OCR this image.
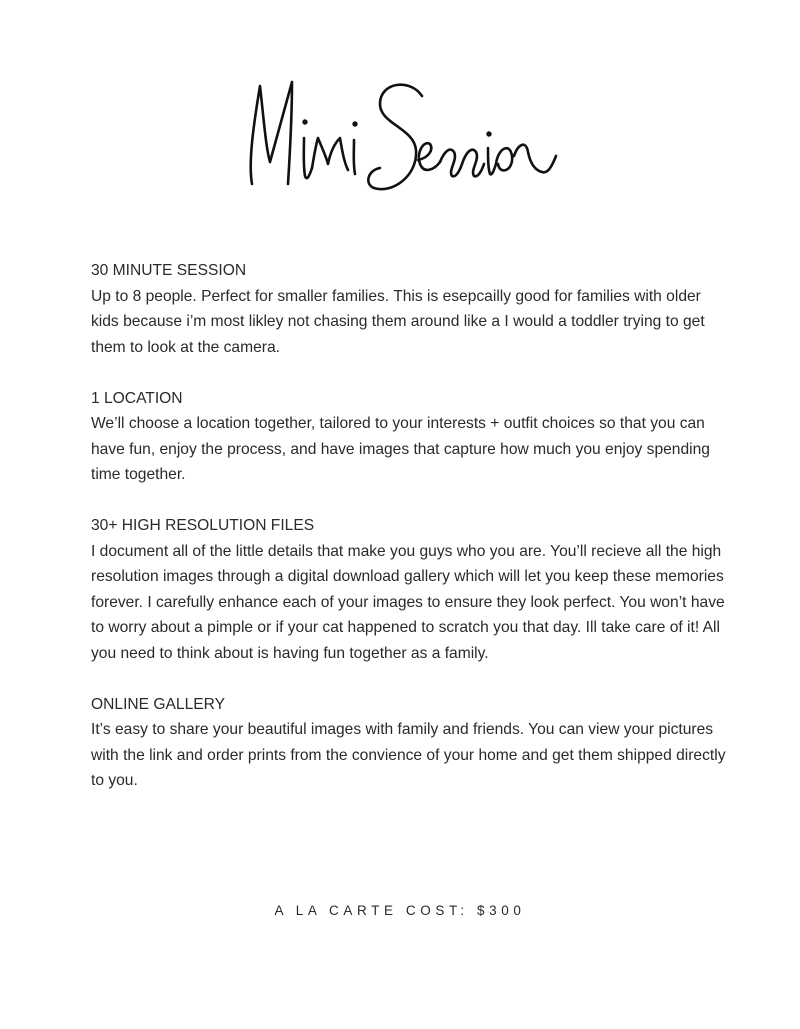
30 MINUTE SESSION
Up to 8 people. Perfect for smaller families. This is esepcailly good for families with older kids because i’m most likley not chasing them around like a I would a toddler trying to get them to look at the camera.
1 LOCATION
We’ll choose a location together, tailored to your interests + outfit choices so that you can have fun, enjoy the process, and have images that capture how much you enjoy spending time together.
30+ HIGH RESOLUTION FILES
I document all of the little details that make you guys who you are. You’ll recieve all the high resolution images through a digital download gallery which will let you keep these memories forever. I carefully enhance each of your images to ensure they look perfect. You won’t have to worry about a pimple or if your cat happened to scratch you that day. Ill take care of it! All you need to think about is having fun together as a family.
ONLINE GALLERY
It’s easy to share your beautiful images with family and friends. You can view your pictures with the link and order prints from the convience of your home and get them shipped directly to you.
A LA CARTE COST: $300
